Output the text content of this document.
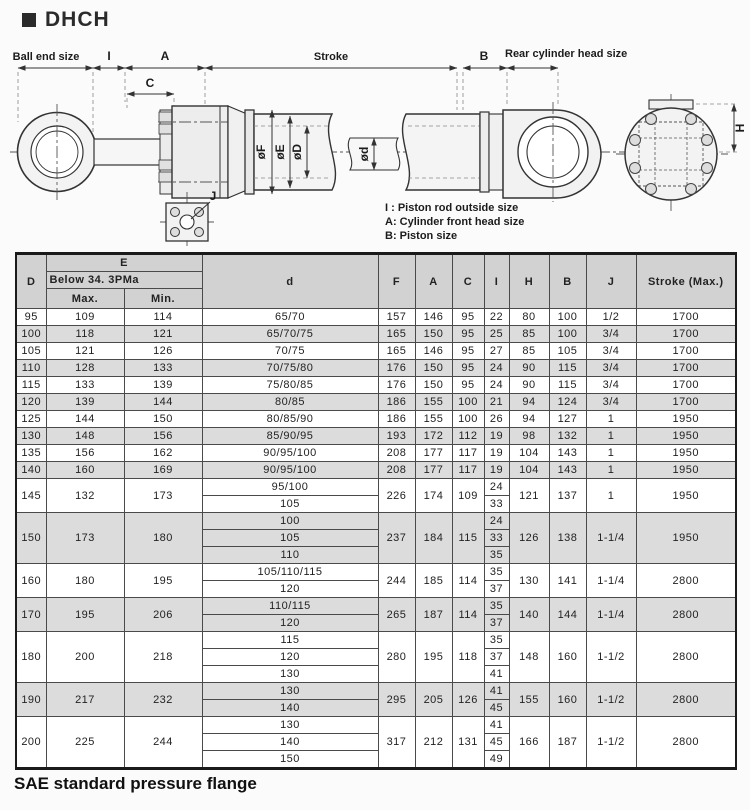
DHCH
Ball end size I	A
C
Stroke	B Rear cylinder head size
øF øE øD	ød
H
J
I : Piston rod outside size
A: Cylinder front head size
B: Piston size
D	E		d	F	A	C	I	H	B	J	Stroke (Max.)
	Below 34. 3PMa										
	Max.	Min.									
95	109	114	65/70	157	146	95	22	80	100	1/2	1700
100	118	121	65/70/75	165	150	95	25	85	100	3/4	1700
105	121	126	70/75	165	146	95	27	85	105	3/4	1700
110	128	133	70/75/80	176	150	95	24	90	115	3/4	1700
115	133	139	75/80/85	176	150	95	24	90	115	3/4	1700
120	139	144	80/85	186	155	100	21	94	124	3/4	1700
125	144	150	80/85/90	186	155	100	26	94	127	1	1950
130	148	156	85/90/95	193	172	112	19	98	132	1	1950
135	156	162	90/95/100	208	177	117	19	104	143	1	1950
140	160	169	90/95/100	208	177	117	19	104	143	1	1950
145	132	173	95/100	226	174	109	24	121	137	1	1950
			105				33				
150	173	180	100	237	184	115	24	126	138	1-1/4	1950
			105				33				
			110				35				
160	180	195	105/110/115	244	185	114	35	130	141	1-1/4	2800
			120				37				
170	195	206	110/115	265	187	114	35	140	144	1-1/4	2800
			120				37				
180	200	218	115	280	195	118	35	148	160	1-1/2	2800
			120				37				
			130				41				
190	217	232	130	295	205	126	41	155	160	1-1/2	2800
			140				45				
200	225	244	130	317	212	131	41	166	187	1-1/2	2800
			140				45				
			150				49				
SAE standard pressure flange
